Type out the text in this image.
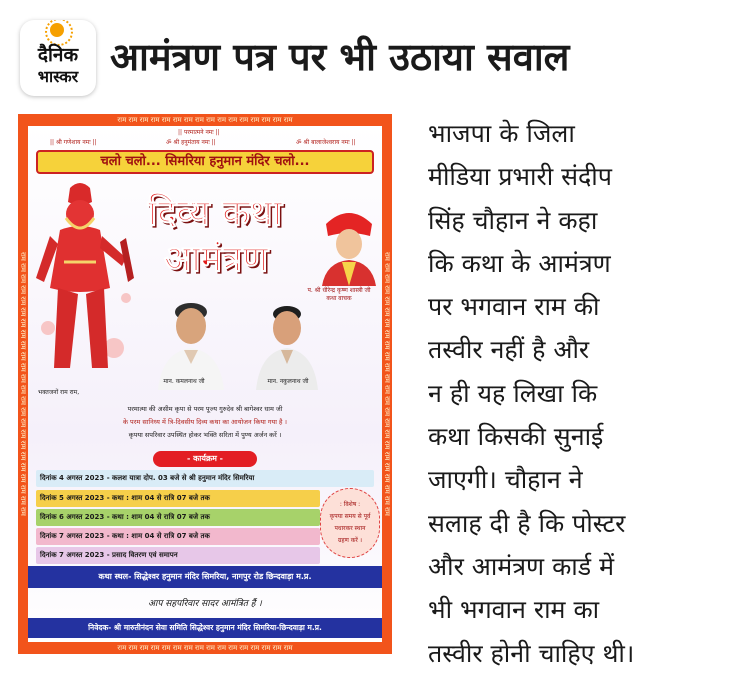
दैनिक
भास्कर आमंत्रण पत्र पर भी उठाया सवाल
राम राम राम राम राम राम राम राम राम राम राम राम राम राम राम राम
राम राम राम राम राम राम राम राम राम राम राम राम राम राम राम राम
राम राम राम राम राम राम राम राम राम राम राम राम राम राम राम राम राम राम राम राम राम राम राम राम	राम राम राम राम राम राम राम राम राम राम राम राम राम राम राम राम राम राम राम राम राम राम राम राम
|| परमात्मने नमः ||
|| श्री गणेशाय नमः ||	ॐ श्री हनुमंताय नमः ||	ॐ श्री बालाजेश्वराय नमः ||
चलो चलो... सिमरिया हनुमान मंदिर चलो...
दिव्य कथा
आमंत्रण
प. श्री धीरेन्द्र कृष्ण शास्त्री जी
कथा वाचक
मान. कमलनाथ जी	मान. नकुलनाथ जी
भक्तजनों राम राम,
परमात्मा की असीम कृपा से परम पूज्य गुरुदेव श्री बागेश्वर धाम जी
के परम सानिध्य में त्रि-दिवसीय दिव्य कथा का आयोजन किया गया है ।
कृपया सपरिवार उपस्थित होकर भक्ति सरिता में पुण्य अर्जन करें ।
- कार्यक्रम -
दिनांक 4 अगस्त 2023 - कलश यात्रा दोप. 03 बजे से श्री हनुमान मंदिर सिमरिया
दिनांक 5 अगस्त 2023 - कथा : शाम 04 से रात्रि 07 बजे तक
दिनांक 6 अगस्त 2023 - कथा : शाम 04 से रात्रि 07 बजे तक
दिनांक 7 अगस्त 2023 - कथा : शाम 04 से रात्रि 07 बजे तक
दिनांक 7 अगस्त 2023 - प्रसाद वितरण एवं समापन
: विशेष :
कृपया समय से पूर्व
पधारकर स्थान
ग्रहण करें ।
कथा स्थल- सिद्धेश्वर हनुमान मंदिर सिमरिया, नागपुर रोड छिन्दवाड़ा म.प्र.
आप सहपरिवार सादर आमंत्रित हैं ।
निवेदक- श्री मारुतीनंदन सेवा समिति सिद्धेश्वर हनुमान मंदिर सिमरिया-छिन्दवाड़ा म.प्र.
भाजपा के जिला
मीडिया प्रभारी संदीप
सिंह चौहान ने कहा
कि कथा के आमंत्रण
पर भगवान राम की
तस्वीर नहीं है और
न ही यह लिखा कि
कथा किसकी सुनाई
जाएगी। चौहान ने
सलाह दी है कि पोस्टर
और आमंत्रण कार्ड में
भी भगवान राम का
तस्वीर होनी चाहिए थी।
